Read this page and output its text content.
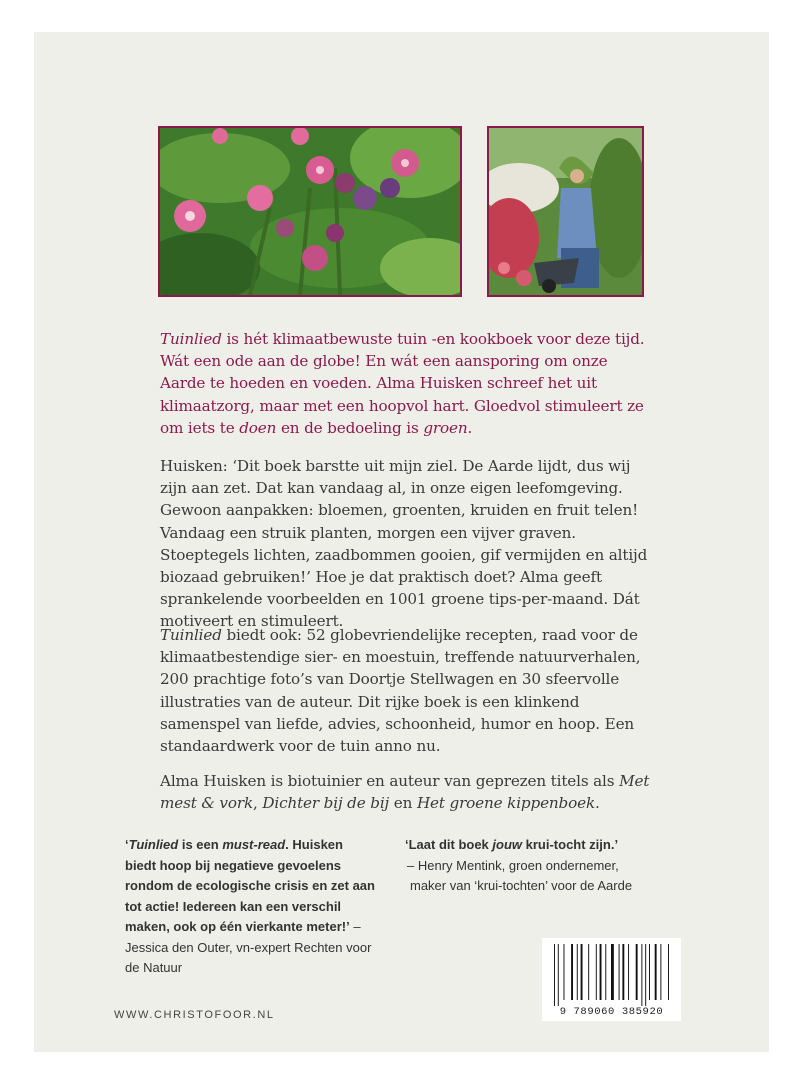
Tuinlied is hét klimaatbewuste tuin -en kookboek voor deze tijd. Wát een ode aan de globe! En wát een aansporing om onze Aarde te hoeden en voeden. Alma Huisken schreef het uit klimaatzorg, maar met een hoopvol hart. Gloedvol stimuleert ze om iets te doen en de bedoeling is groen.

Huisken: ‘Dit boek barstte uit mijn ziel. De Aarde lijdt, dus wij zijn aan zet. Dat kan vandaag al, in onze eigen leefomgeving. Gewoon aanpakken: bloemen, groenten, kruiden en fruit telen! Vandaag een struik planten, morgen een vijver graven. Stoeptegels lichten, zaadbommen gooien, gif vermijden en altijd biozaad gebruiken!’ Hoe je dat praktisch doet? Alma geeft sprankelende voorbeelden en 1001 groene tips-per-maand. Dát motiveert en stimuleert.

Tuinlied biedt ook: 52 globevriendelijke recepten, raad voor de klimaatbestendige sier- en moestuin, treffende natuurverhalen, 200 prachtige foto’s van Doortje Stellwagen en 30 sfeervolle illustraties van de auteur. Dit rijke boek is een klinkend samenspel van liefde, advies, schoonheid, humor en hoop. Een standaardwerk voor de tuin anno nu.

Alma Huisken is biotuinier en auteur van geprezen titels als Met mest & vork, Dichter bij de bij en Het groene kippenboek.

‘Tuinlied is een must-read. Huisken biedt hoop bij negatieve gevoelens rondom de ecologische crisis en zet aan tot actie! Iedereen kan een verschil maken, ook op één vierkante meter!’ – Jessica den Outer, vn-expert Rechten voor de Natuur

‘Laat dit boek jouw krui-tocht zijn.’
– Henry Mentink, groen ondernemer,
maker van ‘krui-tochten’ voor de Aarde

WWW.CHRISTOFOOR.NL	9 789060 385920
